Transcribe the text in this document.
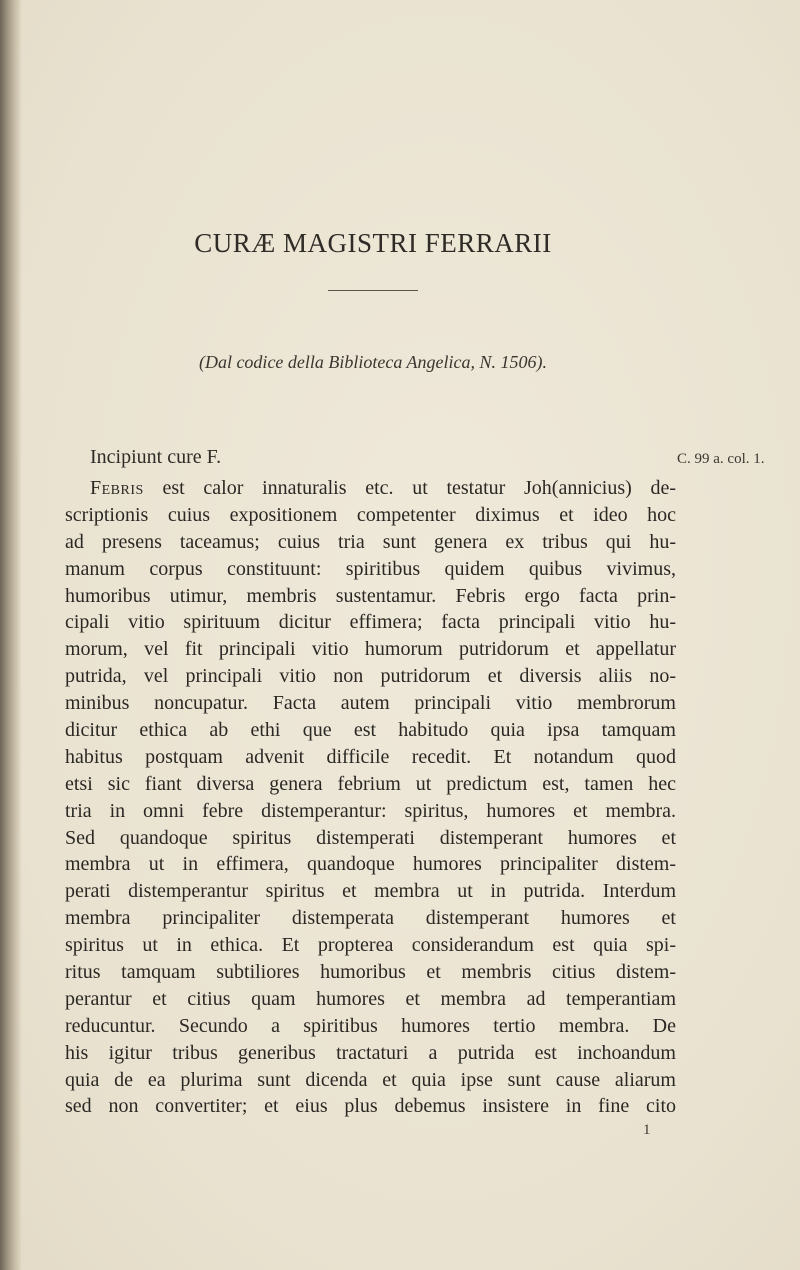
CURÆ MAGISTRI FERRARII
(Dal codice della Biblioteca Angelica, N. 1506).
Incipiunt cure F.	C. 99 a. col. 1.
Febris est calor innaturalis etc. ut testatur Joh(annicius) de-
scriptionis cuius expositionem competenter diximus et ideo hoc
ad presens taceamus; cuius tria sunt genera ex tribus qui hu-
manum corpus constituunt: spiritibus quidem quibus vivimus,
humoribus utimur, membris sustentamur. Febris ergo facta prin-
cipali vitio spirituum dicitur effimera; facta principali vitio hu-
morum, vel fit principali vitio humorum putridorum et appellatur
putrida, vel principali vitio non putridorum et diversis aliis no-
minibus noncupatur. Facta autem principali vitio membrorum
dicitur ethica ab ethi que est habitudo quia ipsa tamquam
habitus postquam advenit difficile recedit. Et notandum quod
etsi sic fiant diversa genera febrium ut predictum est, tamen hec
tria in omni febre distemperantur: spiritus, humores et membra.
Sed quandoque spiritus distemperati distemperant humores et
membra ut in effimera, quandoque humores principaliter distem-
perati distemperantur spiritus et membra ut in putrida. Interdum
membra principaliter distemperata distemperant humores et
spiritus ut in ethica. Et propterea considerandum est quia spi-
ritus tamquam subtiliores humoribus et membris citius distem-
perantur et citius quam humores et membra ad temperantiam
reducuntur. Secundo a spiritibus humores tertio membra. De
his igitur tribus generibus tractaturi a putrida est inchoandum
quia de ea plurima sunt dicenda et quia ipse sunt cause aliarum
sed non convertiter; et eius plus debemus insistere in fine cito
1
